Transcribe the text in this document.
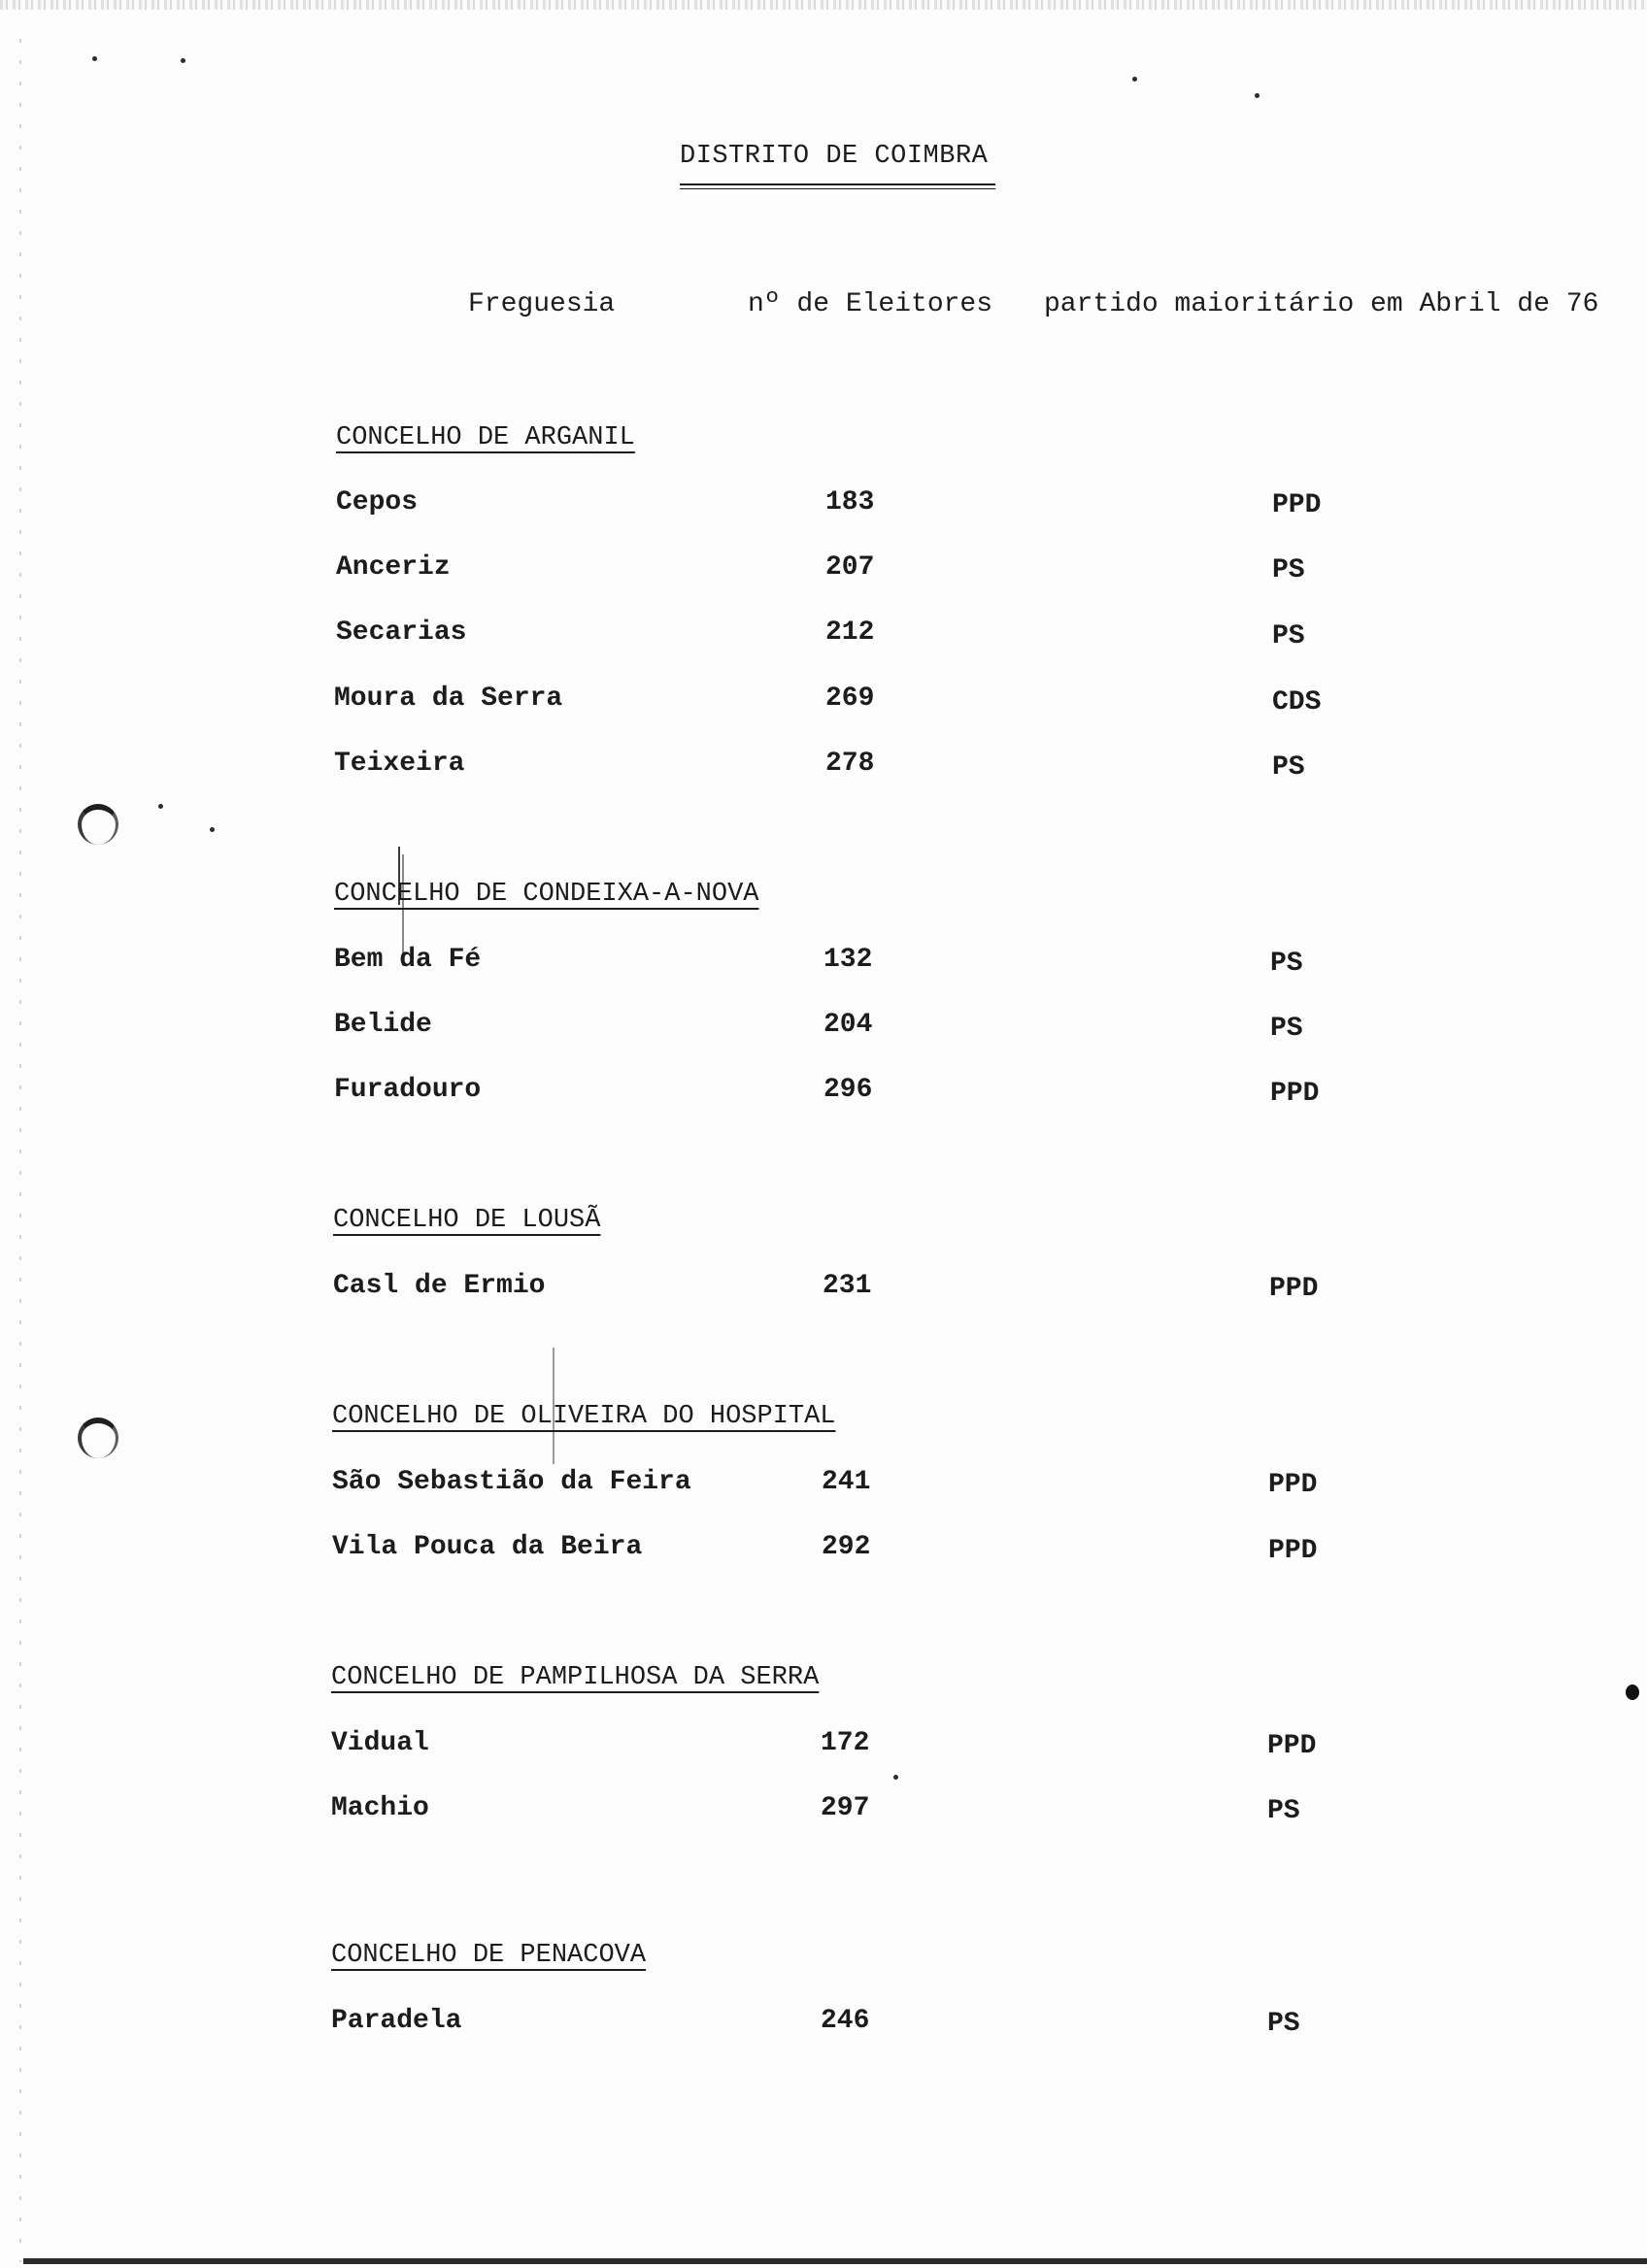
DISTRITO DE COIMBRA
Freguesia	nº de Eleitores partido maioritário em Abril de 76
CONCELHO DE ARGANIL
Cepos	183	PPD
Anceriz	207	PS
Secarias	212	PS
Moura da Serra	269	CDS
Teixeira	278	PS
CONCELHO DE CONDEIXA-A-NOVA
Bem da Fé	132	PS
Belide	204	PS
Furadouro	296	PPD
CONCELHO DE LOUSÃ
Casl de Ermio	231	PPD
CONCELHO DE OLIVEIRA DO HOSPITAL
São Sebastião da Feira	241	PPD
Vila Pouca da Beira	292	PPD
CONCELHO DE PAMPILHOSA DA SERRA
Vidual	172	PPD
Machio	297	PS
CONCELHO DE PENACOVA
Paradela	246	PS
